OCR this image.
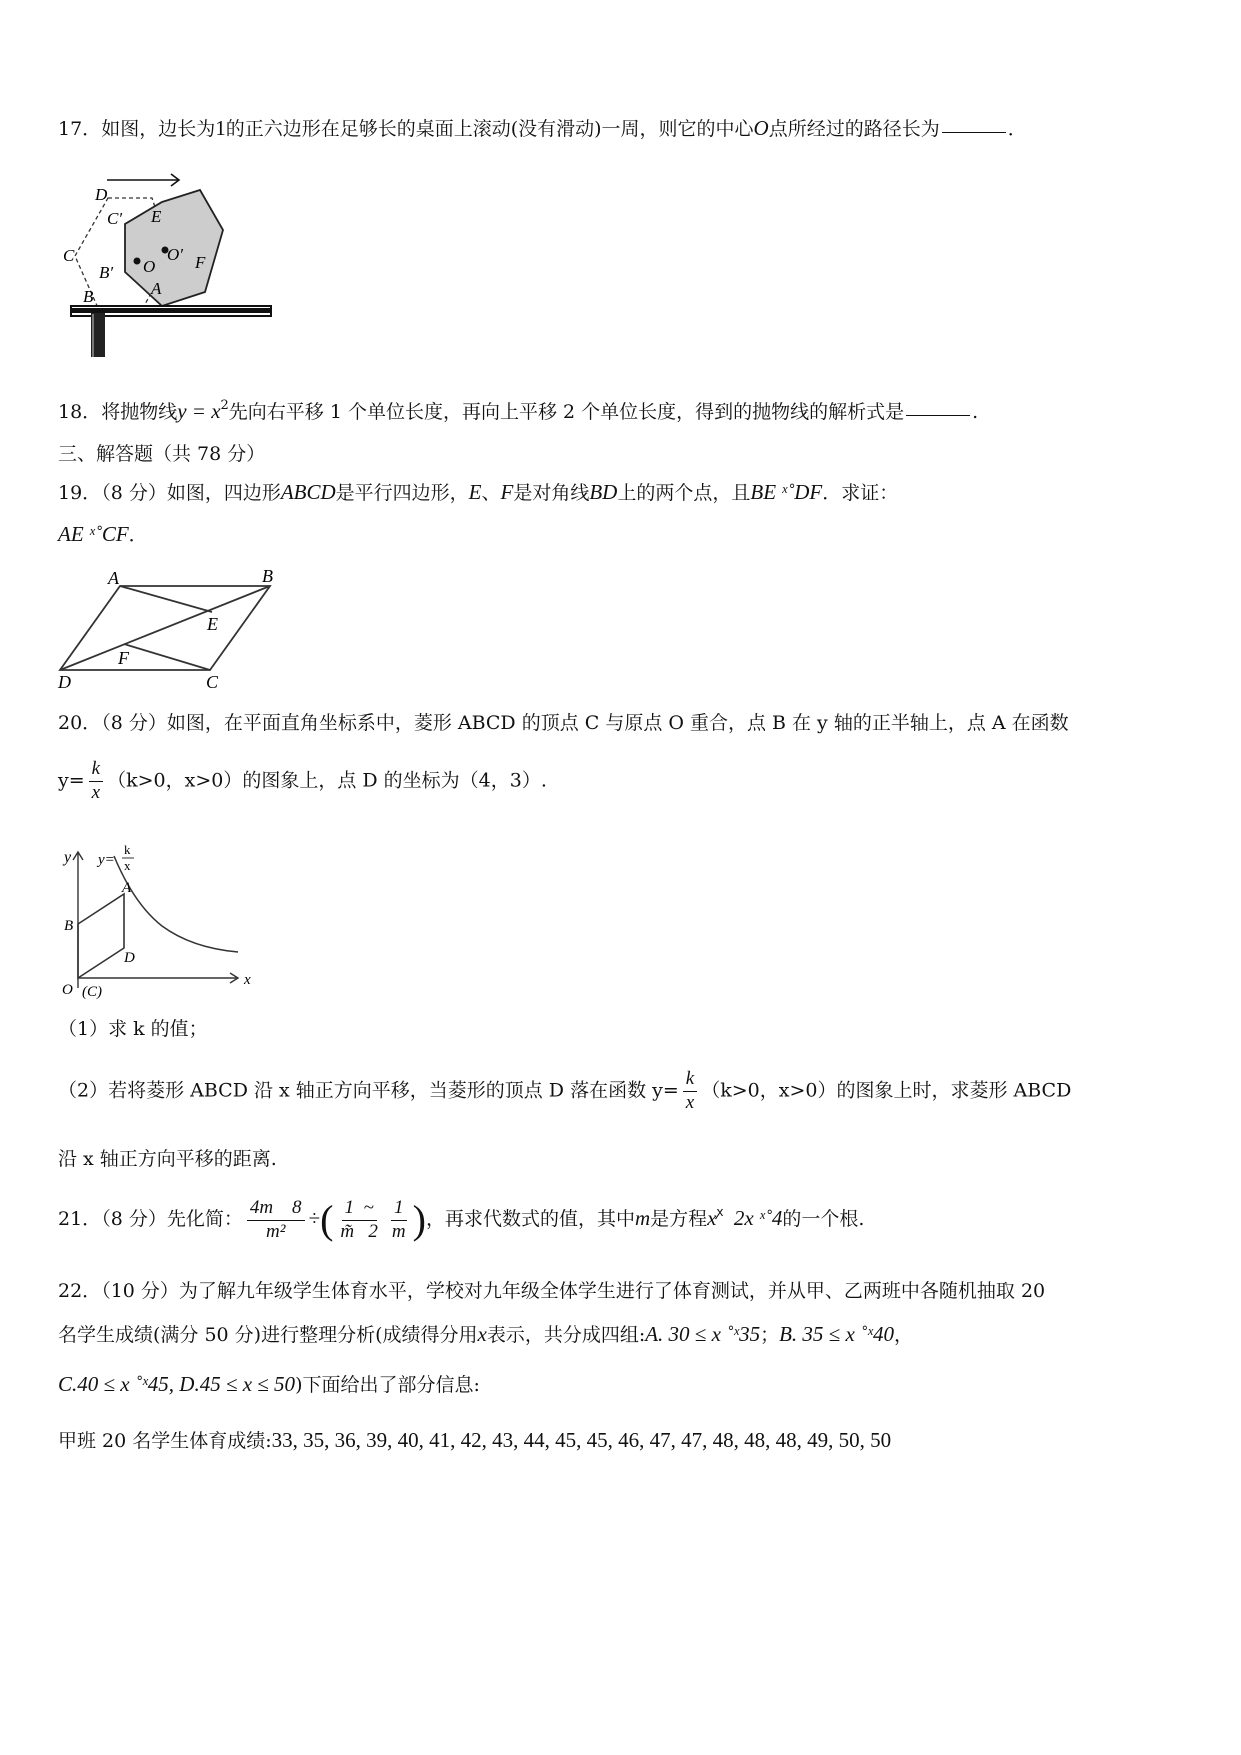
17．如图，边长为1的正六边形在足够长的桌面上滚动(没有滑动)一周，则它的中心O点所经过的路径长为	．
D
C′ E
C	O′
O F
B′
B	A
18．将抛物线$y = x^2$先向右平移 1 个单位长度，再向上平移 2 个单位长度，得到的抛物线的解析式是	.
三、解答题（共 78 分）
19．（8 分）如图，四边形ABCD是平行四边形，E、F是对角线BD上的两个点，且BE ˣ˚DF．求证：
AE ˣ˚CF．
A	B
E
F
D	C
20．（8 分）如图，在平面直角坐标系中，菱形 ABCD 的顶点 C 与原点 O 重合，点 B 在 y 轴的正半轴上，点 A 在函数
$y= \frac{k}{x} (k>0$，x>0）的图象上，点 D 的坐标为（4，3）.
y y=
k
x
A
B
D
O (C)
x
（1）求 k 的值；
（2）若将菱形 ABCD 沿 x 轴正方向平移，当菱形的顶点 D 落在函数 $y= \frac{k}{x} (k>0$，x>0）的图象上时，求菱形 ABCD
沿 x 轴正方向平移的距离.
21．（8 分）先化简： $\frac{4m 8}{\text{m²}}$ ÷( $\frac{1 \sim}{m̃ 2} \frac{1}{m}$ )，再求代数式的值，其中m是方程$x^ꭗ$  2x ˣ˚4的一个根.
22．（10 分）为了解九年级学生体育水平，学校对九年级全体学生进行了体育测试，并从甲、乙两班中各随机抽取 20
名学生成绩(满分 50 分)进行整理分析(成绩得分用x表示，共分成四组:A. 30 ≤ x ˚ˣ35；B. 35 ≤ x ˚ˣ40，
C.40 ≤ x ˚ˣ45, D.45 ≤ x ≤ 50)下面给出了部分信息:
甲班 20 名学生体育成绩:33, 35, 36, 39, 40, 41, 42, 43, 44, 45, 45, 46, 47, 47, 48, 48, 48, 49, 50, 50
